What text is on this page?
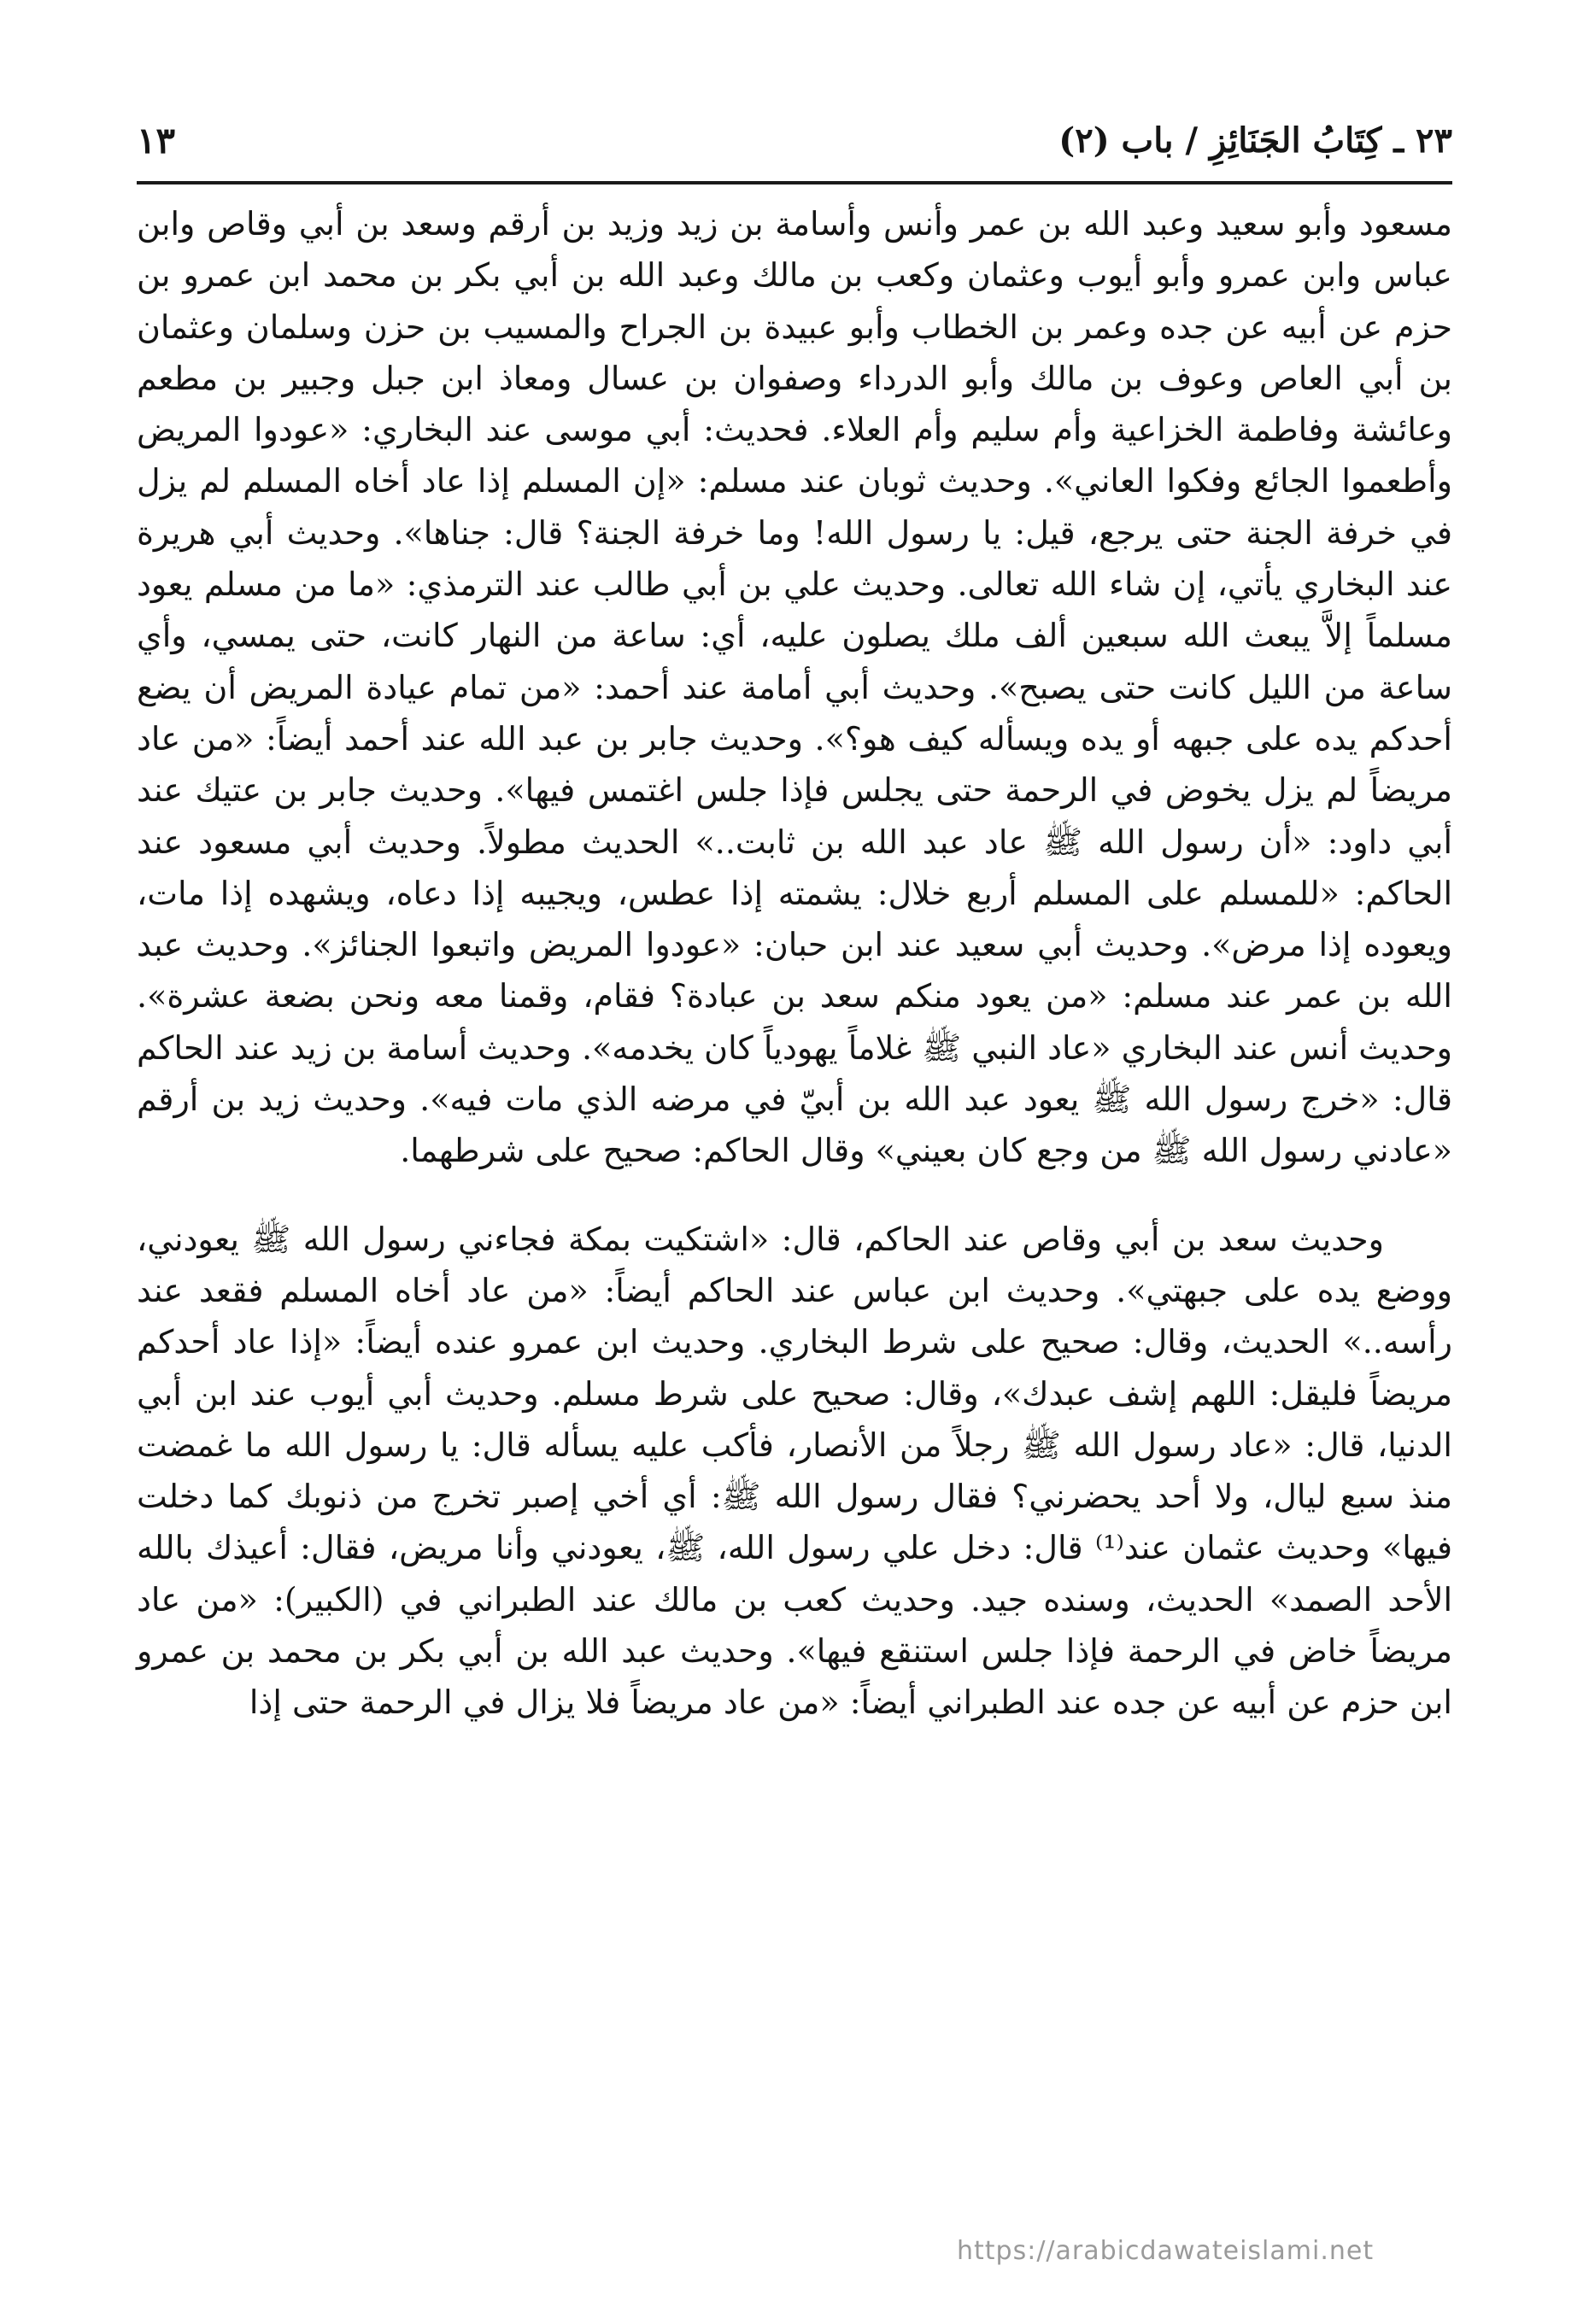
٢٣ ـ كِتَابُ الجَنَائِزِ / باب (٢)
١٣

مسعود وأبو سعيد وعبد الله بن عمر وأنس وأسامة بن زيد وزيد بن أرقم وسعد بن أبي وقاص وابن عباس وابن عمرو وأبو أيوب وعثمان وكعب بن مالك وعبد الله بن أبي بكر بن محمد ابن عمرو بن حزم عن أبيه عن جده وعمر بن الخطاب وأبو عبيدة بن الجراح والمسيب بن حزن وسلمان وعثمان بن أبي العاص وعوف بن مالك وأبو الدرداء وصفوان بن عسال ومعاذ ابن جبل وجبير بن مطعم وعائشة وفاطمة الخزاعية وأم سليم وأم العلاء. فحديث: أبي موسى عند البخاري: «عودوا المريض وأطعموا الجائع وفكوا العاني». وحديث ثوبان عند مسلم: «إن المسلم إذا عاد أخاه المسلم لم يزل في خرفة الجنة حتى يرجع، قيل: يا رسول الله! وما خرفة الجنة؟ قال: جناها». وحديث أبي هريرة عند البخاري يأتي، إن شاء الله تعالى. وحديث علي بن أبي طالب عند الترمذي: «ما من مسلم يعود مسلماً إلاَّ يبعث الله سبعين ألف ملك يصلون عليه، أي: ساعة من النهار كانت، حتى يمسي، وأي ساعة من الليل كانت حتى يصبح». وحديث أبي أمامة عند أحمد: «من تمام عيادة المريض أن يضع أحدكم يده على جبهه أو يده ويسأله كيف هو؟». وحديث جابر بن عبد الله عند أحمد أيضاً: «من عاد مريضاً لم يزل يخوض في الرحمة حتى يجلس فإذا جلس اغتمس فيها». وحديث جابر بن عتيك عند أبي داود: «أن رسول الله ﷺ عاد عبد الله بن ثابت..» الحديث مطولاً. وحديث أبي مسعود عند الحاكم: «للمسلم على المسلم أربع خلال: يشمته إذا عطس، ويجيبه إذا دعاه، ويشهده إذا مات، ويعوده إذا مرض». وحديث أبي سعيد عند ابن حبان: «عودوا المريض واتبعوا الجنائز». وحديث عبد الله بن عمر عند مسلم: «من يعود منكم سعد بن عبادة؟ فقام، وقمنا معه ونحن بضعة عشرة». وحديث أنس عند البخاري «عاد النبي ﷺ غلاماً يهودياً كان يخدمه». وحديث أسامة بن زيد عند الحاكم قال: «خرج رسول الله ﷺ يعود عبد الله بن أبيّ في مرضه الذي مات فيه». وحديث زيد بن أرقم «عادني رسول الله ﷺ من وجع كان بعيني» وقال الحاكم: صحيح على شرطهما.

وحديث سعد بن أبي وقاص عند الحاكم، قال: «اشتكيت بمكة فجاءني رسول الله ﷺ يعودني، ووضع يده على جبهتي». وحديث ابن عباس عند الحاكم أيضاً: «من عاد أخاه المسلم فقعد عند رأسه..» الحديث، وقال: صحيح على شرط البخاري. وحديث ابن عمرو عنده أيضاً: «إذا عاد أحدكم مريضاً فليقل: اللهم إشف عبدك»، وقال: صحيح على شرط مسلم. وحديث أبي أيوب عند ابن أبي الدنيا، قال: «عاد رسول الله ﷺ رجلاً من الأنصار، فأكب عليه يسأله قال: يا رسول الله ما غمضت منذ سبع ليال، ولا أحد يحضرني؟ فقال رسول الله ﷺ: أي أخي إصبر تخرج من ذنوبك كما دخلت فيها» وحديث عثمان عند⁽¹⁾ قال: دخل علي رسول الله، ﷺ، يعودني وأنا مريض، فقال: أعيذك بالله الأحد الصمد» الحديث، وسنده جيد. وحديث كعب بن مالك عند الطبراني في (الكبير): «من عاد مريضاً خاض في الرحمة فإذا جلس استنقع فيها». وحديث عبد الله بن أبي بكر بن محمد بن عمرو ابن حزم عن أبيه عن جده عند الطبراني أيضاً: «من عاد مريضاً فلا يزال في الرحمة حتى إذا

https://arabicdawateislami.net
